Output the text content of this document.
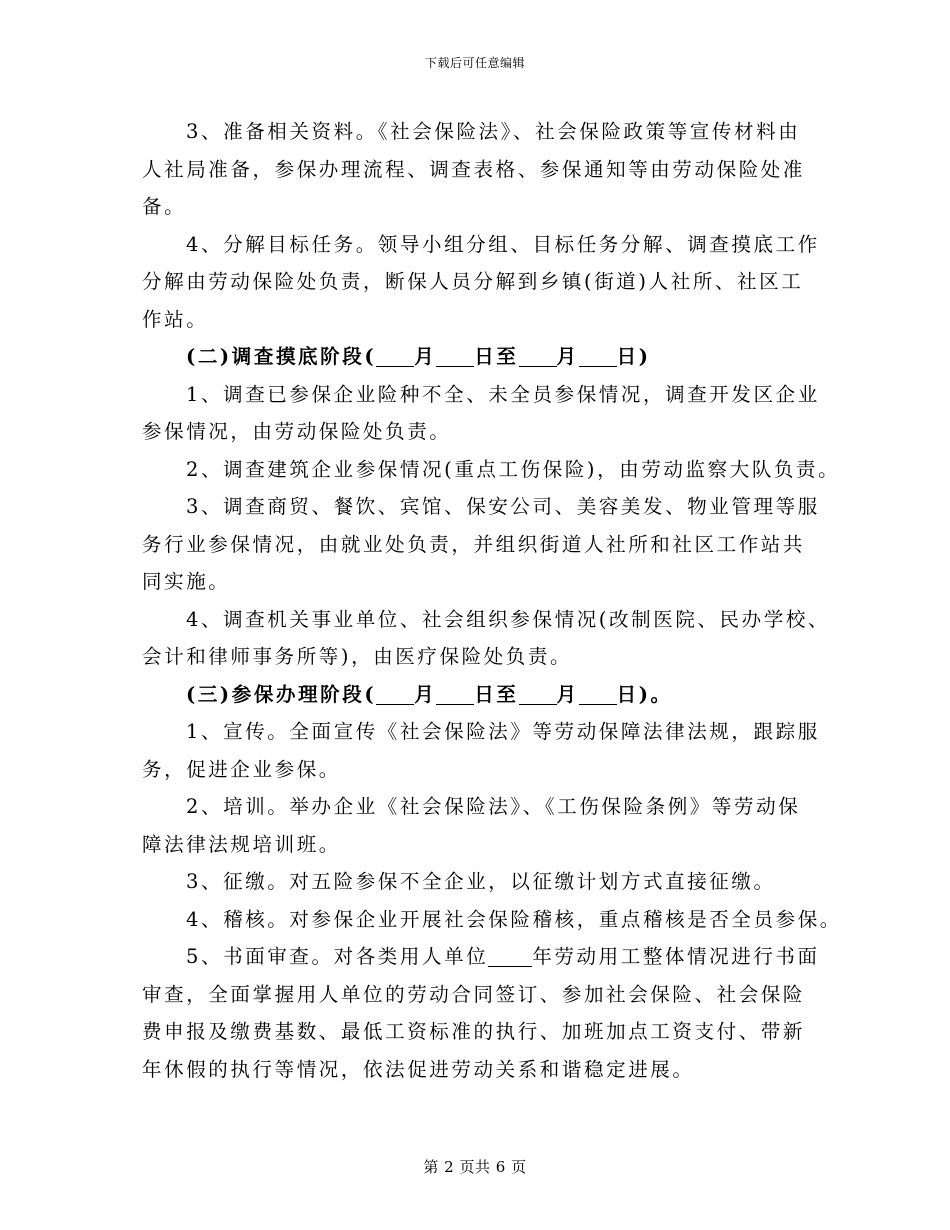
下载后可任意编辑
3、准备相关资料。《社会保险法》、社会保险政策等宣传材料由
人社局准备，参保办理流程、调查表格、参保通知等由劳动保险处准
备。
4、分解目标任务。领导小组分组、目标任务分解、调查摸底工作
分解由劳动保险处负责，断保人员分解到乡镇(街道)人社所、社区工
作站。
(二)调查摸底阶段( 月 日至 月 日)
1、调查已参保企业险种不全、未全员参保情况，调查开发区企业
参保情况，由劳动保险处负责。
2、调查建筑企业参保情况(重点工伤保险)，由劳动监察大队负责。
3、调查商贸、餐饮、宾馆、保安公司、美容美发、物业管理等服
务行业参保情况，由就业处负责，并组织街道人社所和社区工作站共
同实施。
4、调查机关事业单位、社会组织参保情况(改制医院、民办学校、
会计和律师事务所等)，由医疗保险处负责。
(三)参保办理阶段( 月 日至 月 日)。
1、宣传。全面宣传《社会保险法》等劳动保障法律法规，跟踪服
务，促进企业参保。
2、培训。举办企业《社会保险法》、《工伤保险条例》等劳动保
障法律法规培训班。
3、征缴。对五险参保不全企业，以征缴计划方式直接征缴。
4、稽核。对参保企业开展社会保险稽核，重点稽核是否全员参保。
5、书面审查。对各类用人单位 年劳动用工整体情况进行书面
审查，全面掌握用人单位的劳动合同签订、参加社会保险、社会保险
费申报及缴费基数、最低工资标准的执行、加班加点工资支付、带新
年休假的执行等情况，依法促进劳动关系和谐稳定进展。
第 2 页共 6 页
